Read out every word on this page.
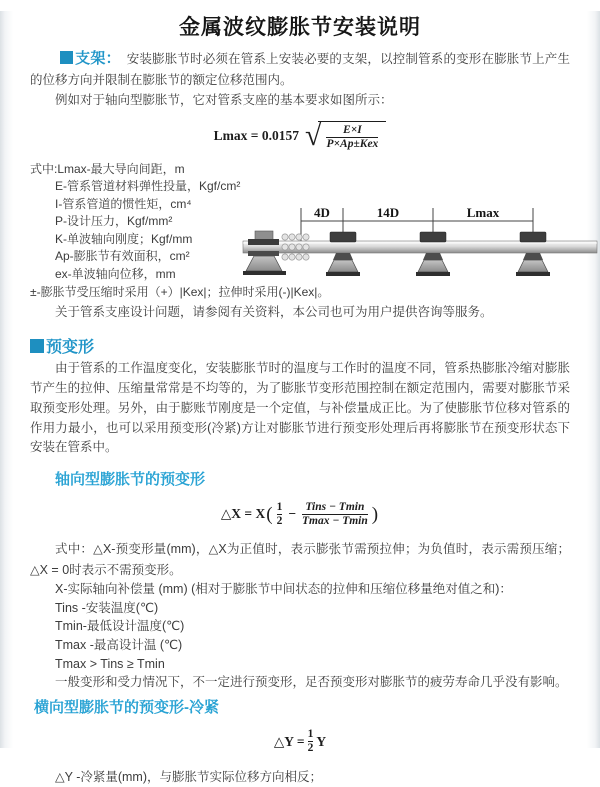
金属波纹膨胀节安装说明

支架： 安装膨胀节时必须在管系上安装必要的支架，以控制管系的变形在膨胀节上产生的位移方向并限制在膨胀节的额定位移范围内。

例如对于轴向型膨胀节，它对管系支座的基本要求如图所示：

Lmax = 0.0157 √ $\frac{E\times I}{\text{P×Ap±Kex}}$
式中:Lmax-最大导向间距，m
E-管系管道材料弹性投量，Kgf/cm²
I-管系管道的惯性矩，cm⁴
P-设计压力，Kgf/mm²
K-单波轴向刚度；Kgf/mm
Ap-膨胀节有效面积，cm²
ex-单波轴向位移，mm
±-膨胀节受压缩时采用（+）|Kex|；拉伸时采用(-)|Kex|。

关于管系支座设计问题，请参阅有关资料，本公司也可为用户提供咨询等服务。

4D	14D	Lmax
预变形

由于管系的工作温度变化，安装膨胀节时的温度与工作时的温度不同，管系热膨胀冷缩对膨胀节产生的拉伸、压缩量常常是不均等的，为了膨胀节变形范围控制在额定范围内，需要对膨胀节采取预变形处理。另外，由于膨账节刚度是一个定值，与补偿量成正比。为了使膨胀节位移对管系的作用力最小，也可以采用预变形(冷紧)方让对膨胀节进行预变形处理后再将膨胀节在预变形状态下安装在管系中。

轴向型膨胀节的预变形
△X = X ( $\frac{1}{2} - \frac{\text{Tins − Tmin}}{Tmax - Tmin}$ )

式中：△X-预变形量(mm)，△X为正值时，表示膨张节需预拉伸；为负值时，表示需预压缩；△X = 0时表示不需预变形。

X-实际轴向补偿量 (mm) (相对于膨胀节中间状态的拉伸和压缩位移量绝对值之和)：
Tins -安装温度(℃)
Tmin-最低设计温度(℃)
Tmax -最高设计温 (℃)
Tmax > Tins ≥ Tmin
一般变形和受力情况下，不一定进行预变形，足否预变形对膨胀节的疲劳寿命几乎没有影响。
横向型膨胀节的预变形-冷紧
△Y = $\frac{1}{2}$ Y

△Y -冷紧量(mm)，与膨胀节实际位移方向相反；
